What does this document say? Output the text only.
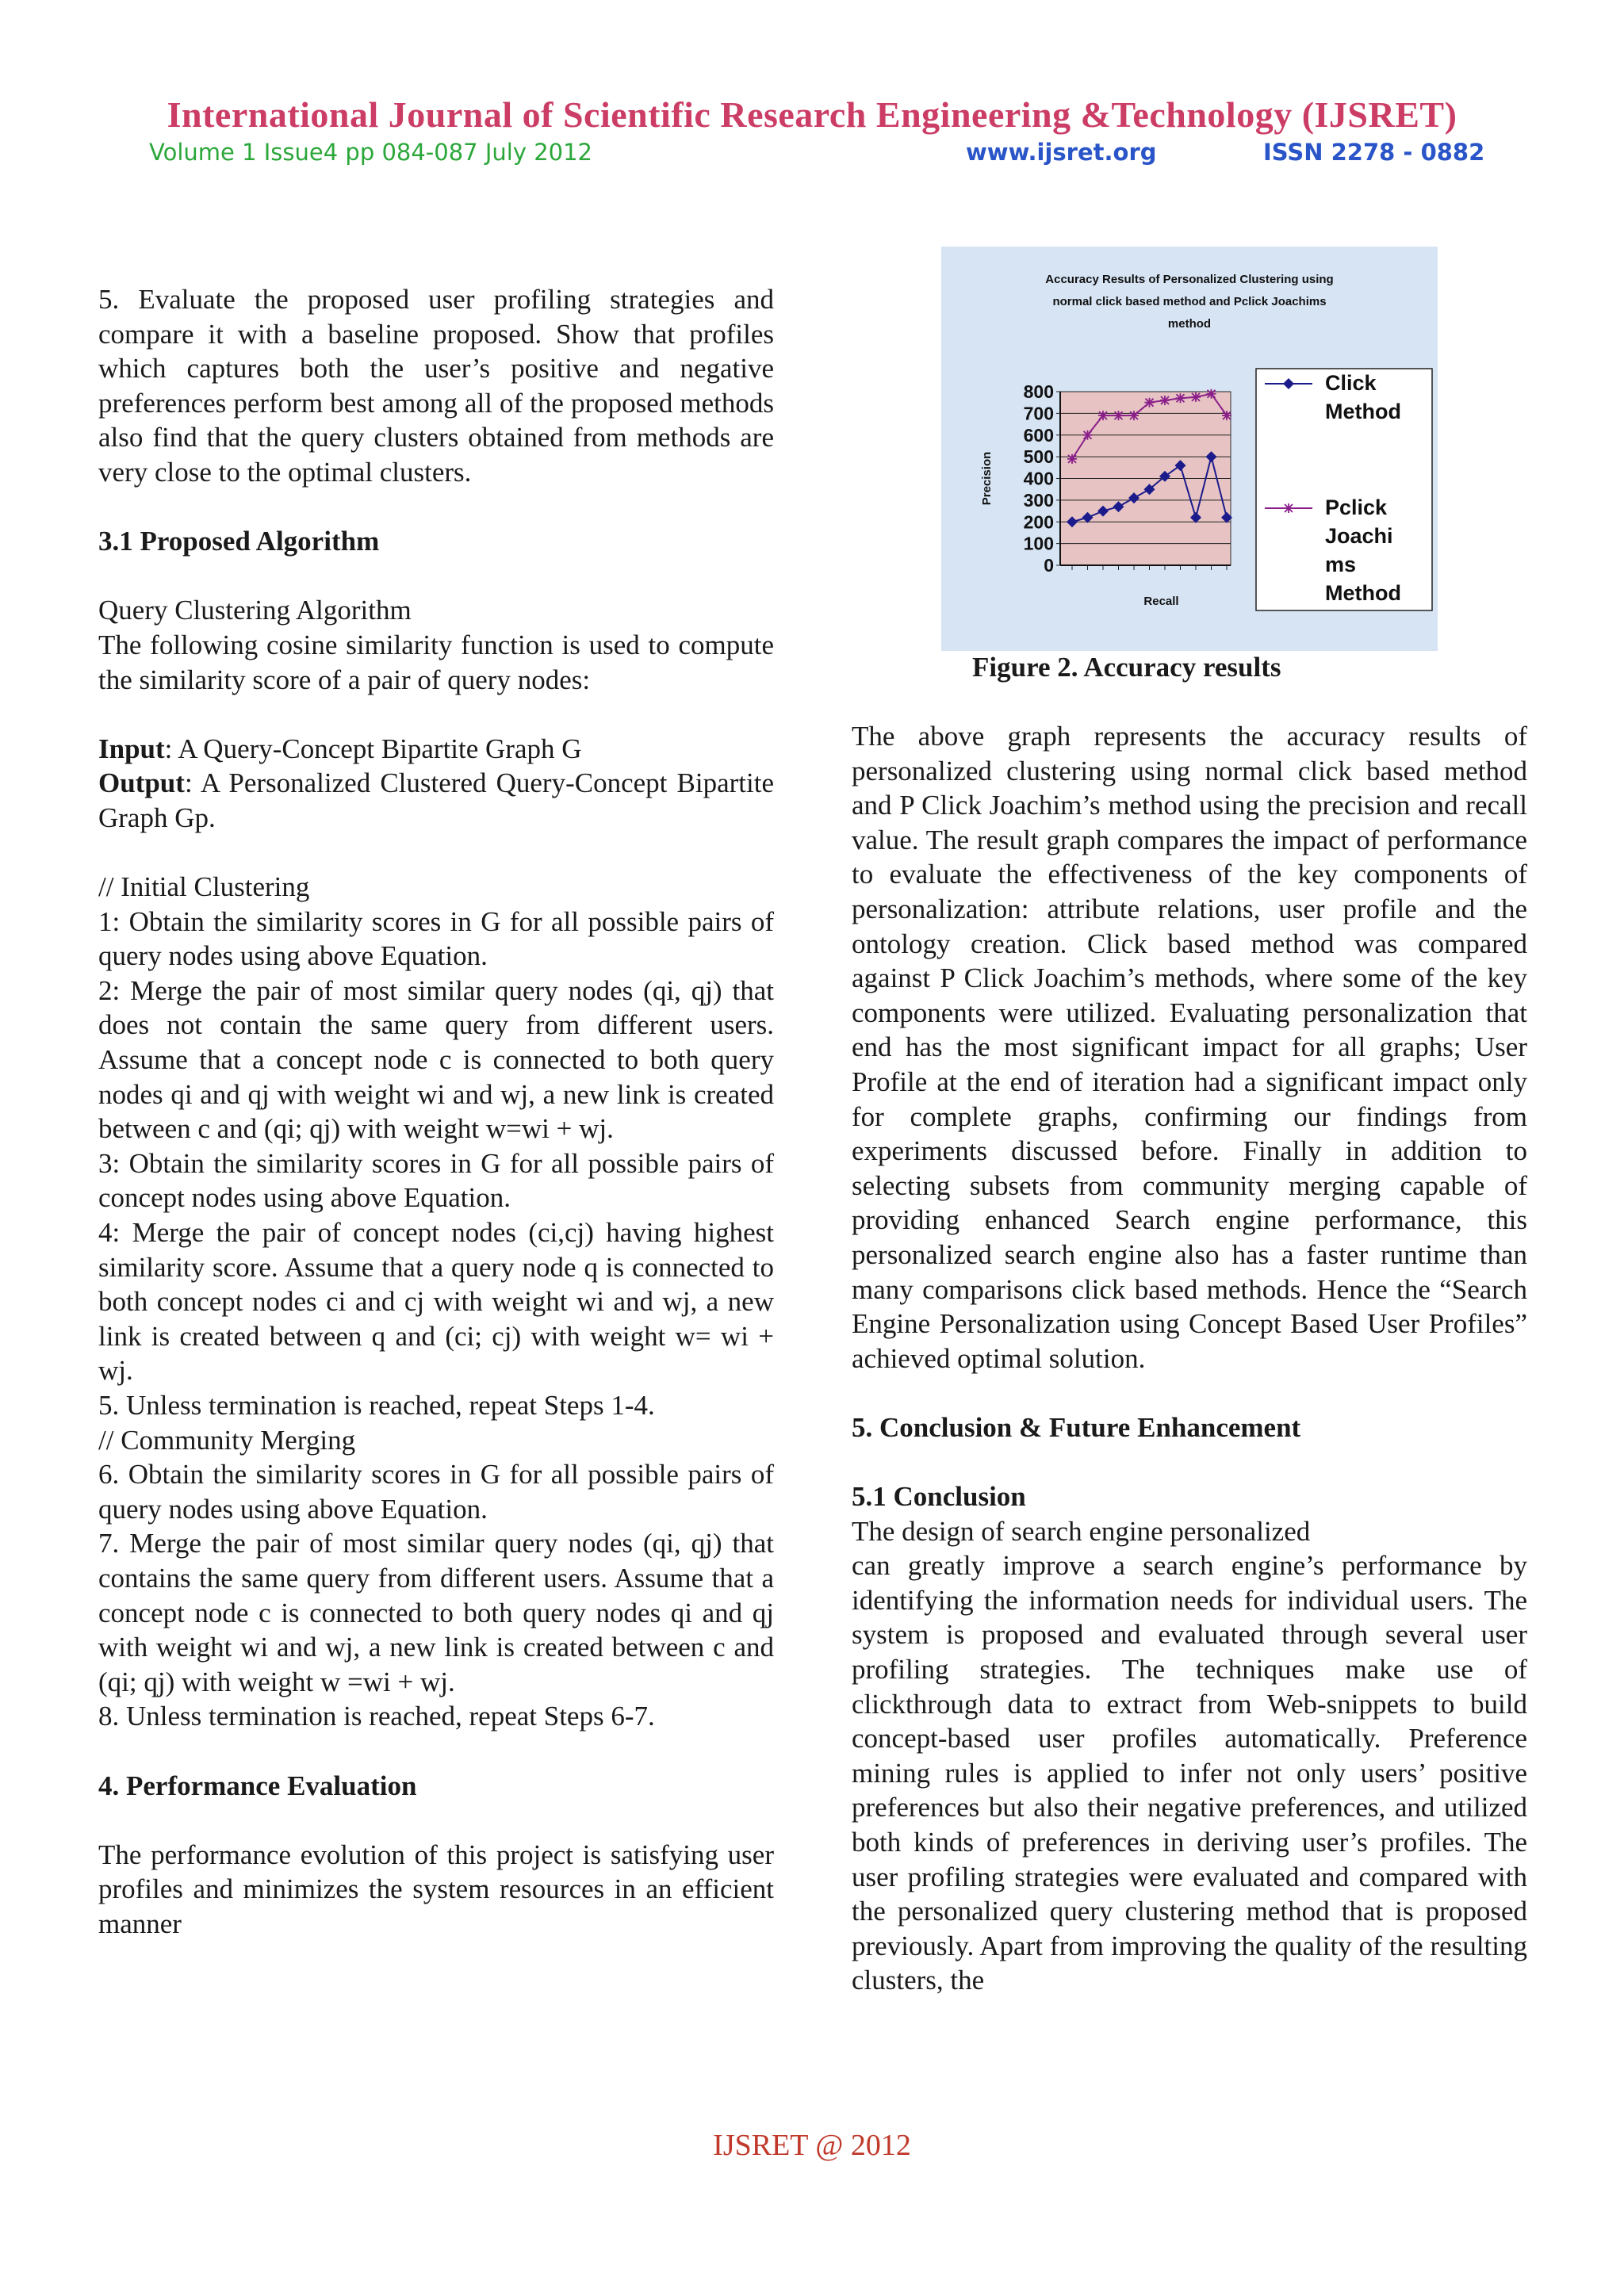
International Journal of Scientific Research Engineering &Technology (IJSRET)
Volume 1 Issue4 pp 084-087 July 2012	www.ijsret.org	ISSN 2278 - 0882

5. Evaluate the proposed user profiling strategies and compare it with a baseline proposed. Show that profiles which captures both the user’s positive and negative preferences perform best among all of the proposed methods also find that the query clusters obtained from methods are very close to the optimal clusters.

3.1 Proposed Algorithm

Query Clustering Algorithm

The following cosine similarity function is used to compute the similarity score of a pair of query nodes:

Input: A Query-Concept Bipartite Graph G

Output: A Personalized Clustered Query-Concept Bipartite Graph Gp.

// Initial Clustering

1: Obtain the similarity scores in G for all possible pairs of query nodes using above Equation.

2: Merge the pair of most similar query nodes (qi, qj) that does not contain the same query from different users. Assume that a concept node c is connected to both query nodes qi and qj with weight wi and wj, a new link is created between c and (qi; qj) with weight w=wi + wj.

3: Obtain the similarity scores in G for all possible pairs of concept nodes using above Equation.

4: Merge the pair of concept nodes (ci,cj) having highest similarity score. Assume that a query node q is connected to both concept nodes ci and cj with weight wi and wj, a new link is created between q and (ci; cj) with weight w= wi + wj.

5. Unless termination is reached, repeat Steps 1-4.

// Community Merging

6. Obtain the similarity scores in G for all possible pairs of query nodes using above Equation.

7. Merge the pair of most similar query nodes (qi, qj) that contains the same query from different users. Assume that a concept node c is connected to both query nodes qi and qj with weight wi and wj, a new link is created between c and (qi; qj) with weight w =wi + wj.

8. Unless termination is reached, repeat Steps 6-7.

4. Performance Evaluation

The performance evolution of this project is satisfying user profiles and minimizes the system resources in an efficient manner

Accuracy Results of Personalized Clustering using
normal click based method and Pclick Joachims
method
800
700
600
500
400
300
200
100
0
Recall
Precision
Click
Method
Pclick
Joachi
ms
Method
Figure 2. Accuracy results

The above graph represents the accuracy results of personalized clustering using normal click based method and P Click Joachim’s method using the precision and recall value. The result graph compares the impact of performance to evaluate the effectiveness of the key components of personalization: attribute relations, user profile and the ontology creation. Click based method was compared against P Click Joachim’s methods, where some of the key components were utilized. Evaluating personalization that end has the most significant impact for all graphs; User Profile at the end of iteration had a significant impact only for complete graphs, confirming our findings from experiments discussed before. Finally in addition to selecting subsets from community merging capable of providing enhanced Search engine performance, this personalized search engine also has a faster runtime than many comparisons click based methods. Hence the “Search Engine Personalization using Concept Based User Profiles” achieved optimal solution.

5. Conclusion & Future Enhancement

5.1 Conclusion

The design of search engine personalized

can greatly improve a search engine’s performance by identifying the information needs for individual users. The system is proposed and evaluated through several user profiling strategies. The techniques make use of clickthrough data to extract from Web-snippets to build concept-based user profiles automatically. Preference mining rules is applied to infer not only users’ positive preferences but also their negative preferences, and utilized both kinds of preferences in deriving user’s profiles. The user profiling strategies were evaluated and compared with the personalized query clustering method that is proposed previously. Apart from improving the quality of the resulting clusters, the

IJSRET @ 2012
